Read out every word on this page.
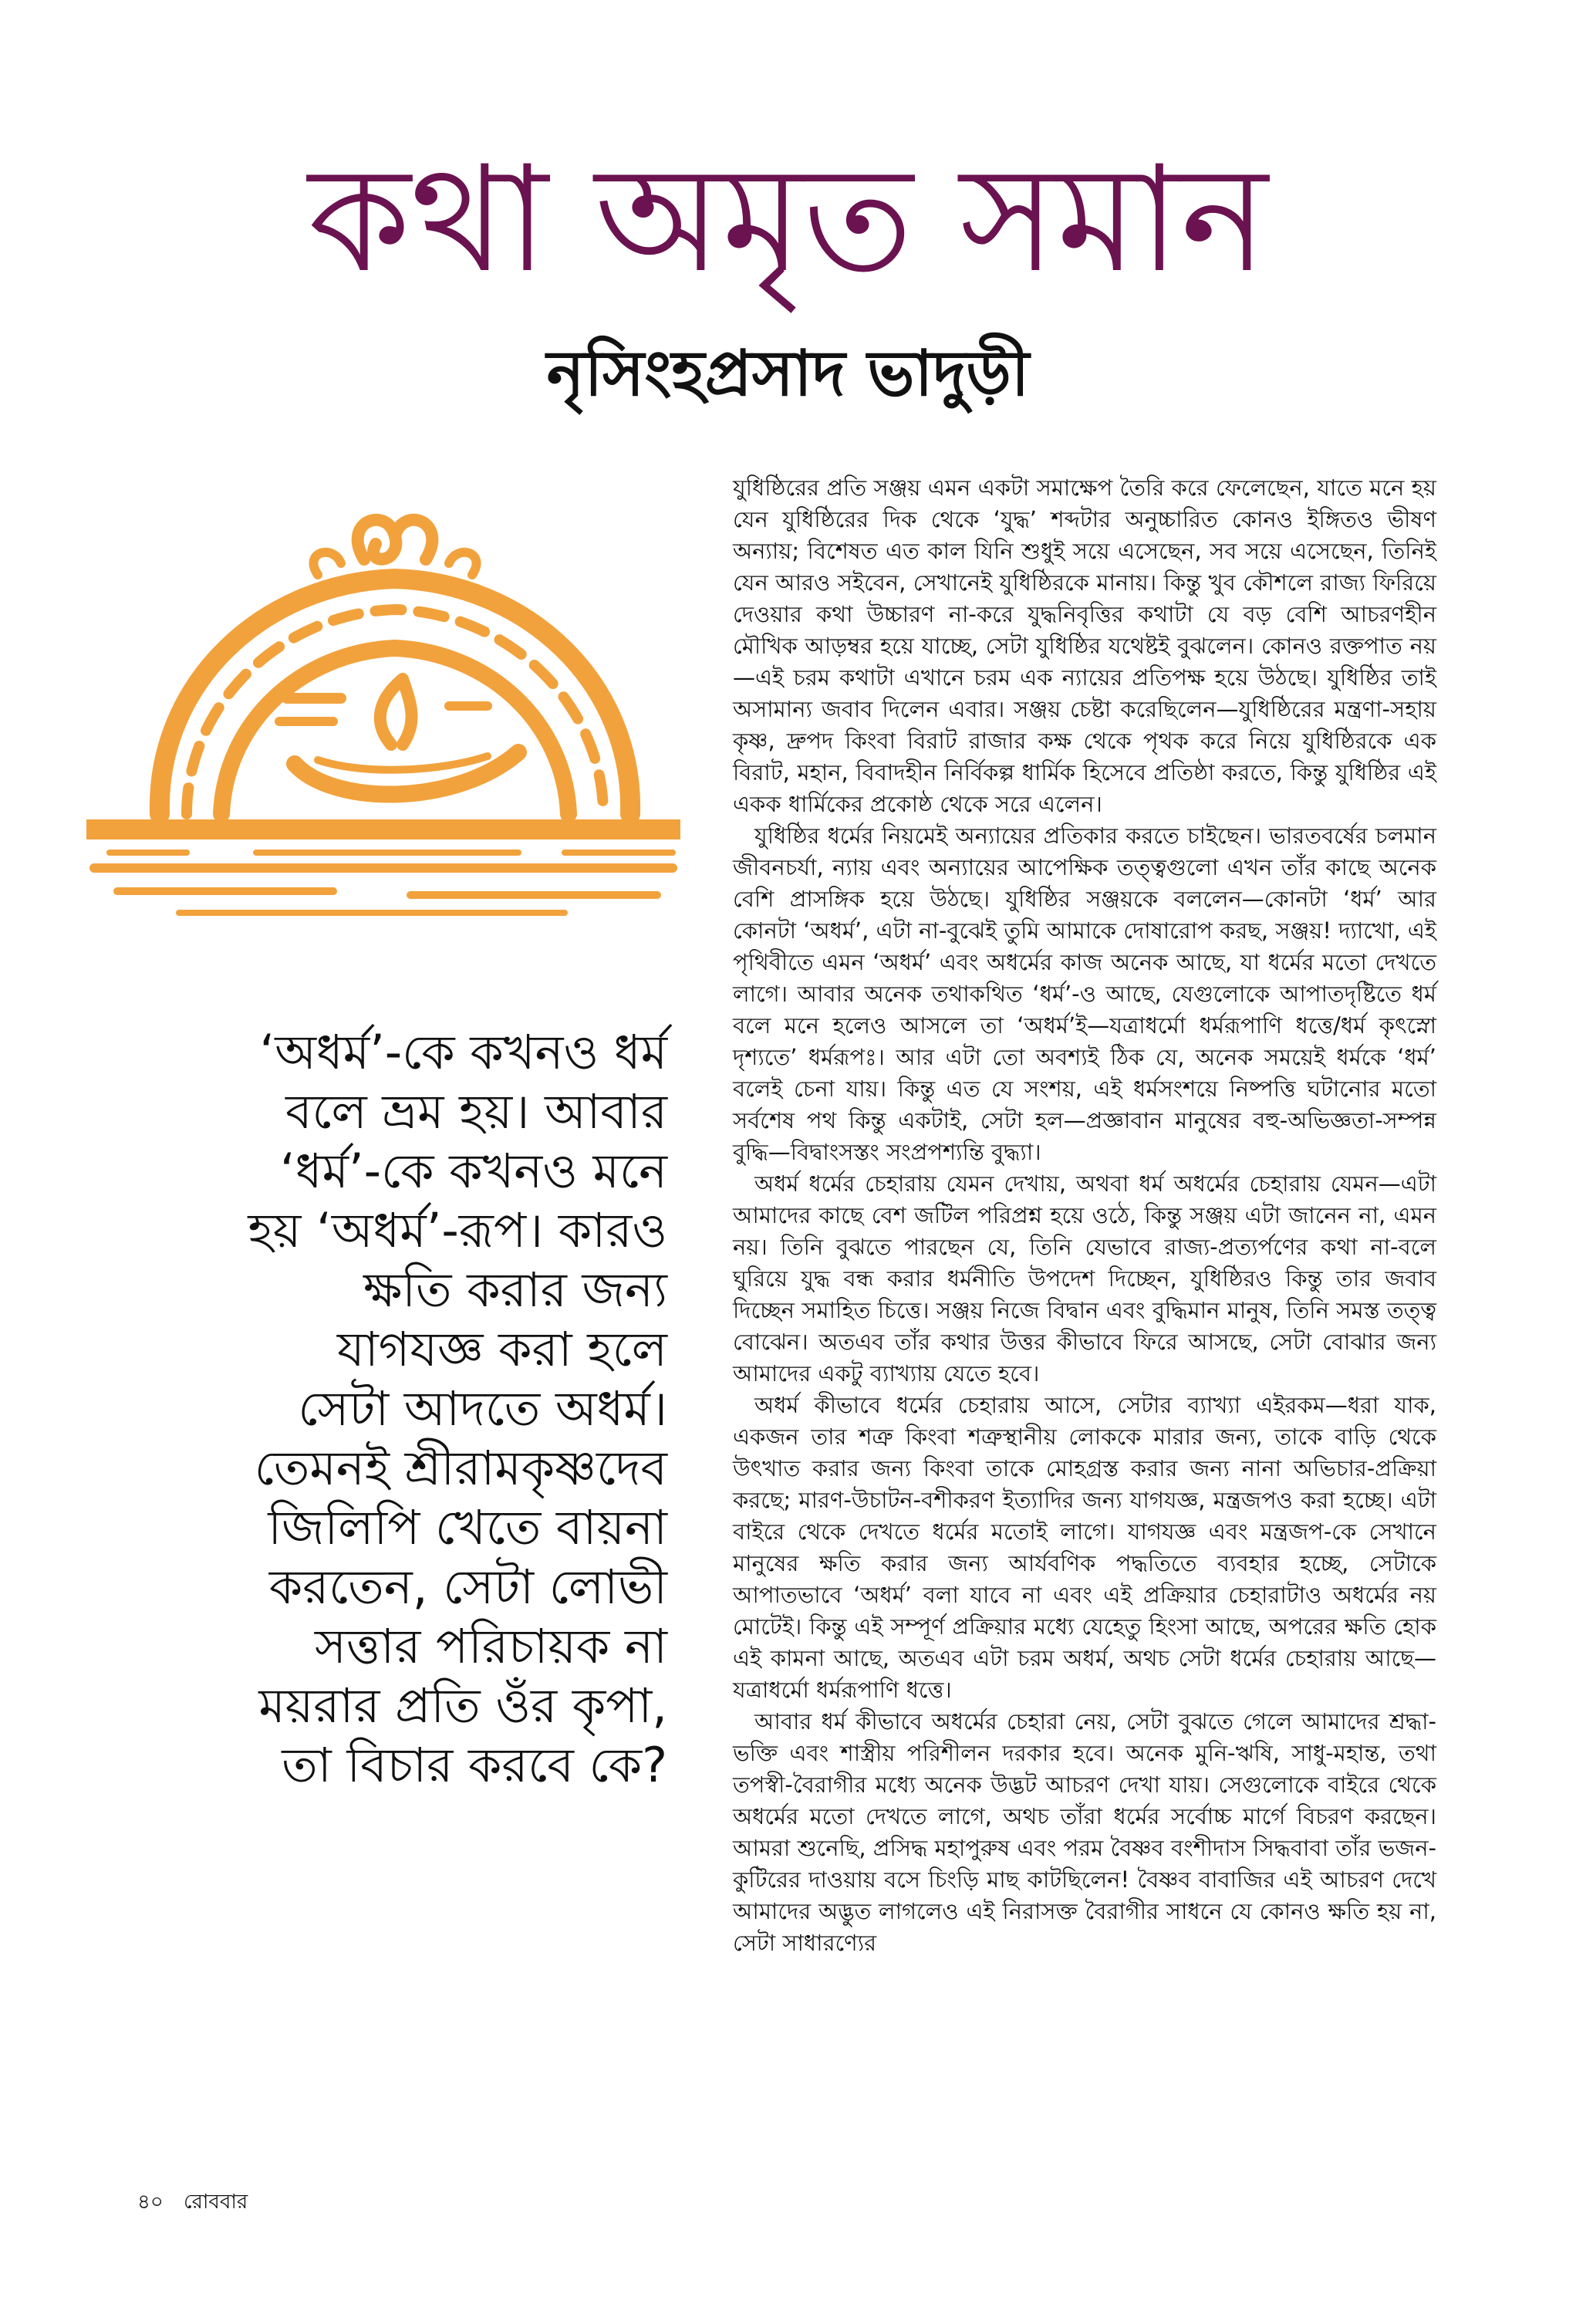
কথা অমৃত সমান
নৃসিংহপ্রসাদ ভাদুড়ী
‘অধর্ম’-কে কখনও ধর্ম
বলে ভ্রম হয়। আবার
‘ধর্ম’-কে কখনও মনে
হয় ‘অধর্ম’-রূপ। কারও
ক্ষতি করার জন্য
যাগযজ্ঞ করা হলে
সেটা আদতে অধর্ম।
তেমনই শ্রীরামকৃষ্ণদেব
জিলিপি খেতে বায়না
করতেন, সেটা লোভী
সত্তার পরিচায়ক না
ময়রার প্রতি ওঁর কৃপা,
তা বিচার করবে কে?

যুধিষ্ঠিরের প্রতি সঞ্জয় এমন একটা সমাক্ষেপ তৈরি করে ফেলেছেন, যাতে মনে হয় যেন যুধিষ্ঠিরের দিক থেকে ‘যুদ্ধ’ শব্দটার অনুচ্চারিত কোনও ইঙ্গিতও ভীষণ অন্যায়; বিশেষত এত কাল যিনি শুধুই সয়ে এসেছেন, সব সয়ে এসেছেন, তিনিই যেন আরও সইবেন, সেখানেই যুধিষ্ঠিরকে মানায়। কিন্তু খুব কৌশলে রাজ্য ফিরিয়ে দেওয়ার কথা উচ্চারণ না-করে যুদ্ধনিবৃত্তির কথাটা যে বড় বেশি আচরণহীন মৌখিক আড়ম্বর হয়ে যাচ্ছে, সেটা যুধিষ্ঠির যথেষ্টই বুঝলেন। কোনও রক্তপাত নয়—এই চরম কথাটা এখানে চরম এক ন্যায়ের প্রতিপক্ষ হয়ে উঠছে। যুধিষ্ঠির তাই অসামান্য জবাব দিলেন এবার। সঞ্জয় চেষ্টা করেছিলেন—যুধিষ্ঠিরের মন্ত্রণা-সহায় কৃষ্ণ, দ্রুপদ কিংবা বিরাট রাজার কক্ষ থেকে পৃথক করে নিয়ে যুধিষ্ঠিরকে এক বিরাট, মহান, বিবাদহীন নির্বিকল্প ধার্মিক হিসেবে প্রতিষ্ঠা করতে, কিন্তু যুধিষ্ঠির এই একক ধার্মিকের প্রকোষ্ঠ থেকে সরে এলেন।

যুধিষ্ঠির ধর্মের নিয়মেই অন্যায়ের প্রতিকার করতে চাইছেন। ভারতবর্ষের চলমান জীবনচর্যা, ন্যায় এবং অন্যায়ের আপেক্ষিক তত্ত্বগুলো এখন তাঁর কাছে অনেক বেশি প্রাসঙ্গিক হয়ে উঠছে। যুধিষ্ঠির সঞ্জয়কে বললেন—কোনটা ‘ধর্ম’ আর কোনটা ‘অধর্ম’, এটা না-বুঝেই তুমি আমাকে দোষারোপ করছ, সঞ্জয়! দ্যাখো, এই পৃথিবীতে এমন ‘অধর্ম’ এবং অধর্মের কাজ অনেক আছে, যা ধর্মের মতো দেখতে লাগে। আবার অনেক তথাকথিত ‘ধর্ম’-ও আছে, যেগুলোকে আপাতদৃষ্টিতে ধর্ম বলে মনে হলেও আসলে তা ‘অধর্ম’ই—যত্রাধর্মো ধর্মরূপাণি ধত্তে/ধর্ম কৃৎস্নো দৃশ্যতে’ ধর্মরূপঃ। আর এটা তো অবশ্যই ঠিক যে, অনেক সময়েই ধর্মকে ‘ধর্ম’ বলেই চেনা যায়। কিন্তু এত যে সংশয়, এই ধর্মসংশয়ে নিষ্পত্তি ঘটানোর মতো সর্বশেষ পথ কিন্তু একটাই, সেটা হল—প্রজ্ঞাবান মানুষের বহু-অভিজ্ঞতা-সম্পন্ন বুদ্ধি—বিদ্বাংসস্তং সংপ্রপশ্যন্তি বুদ্ধ্যা।

অধর্ম ধর্মের চেহারায় যেমন দেখায়, অথবা ধর্ম অধর্মের চেহারায় যেমন—এটা আমাদের কাছে বেশ জটিল পরিপ্রশ্ন হয়ে ওঠে, কিন্তু সঞ্জয় এটা জানেন না, এমন নয়। তিনি বুঝতে পারছেন যে, তিনি যেভাবে রাজ্য-প্রত্যর্পণের কথা না-বলে ঘুরিয়ে যুদ্ধ বন্ধ করার ধর্মনীতি উপদেশ দিচ্ছেন, যুধিষ্ঠিরও কিন্তু তার জবাব দিচ্ছেন সমাহিত চিত্তে। সঞ্জয় নিজে বিদ্বান এবং বুদ্ধিমান মানুষ, তিনি সমস্ত তত্ত্ব বোঝেন। অতএব তাঁর কথার উত্তর কীভাবে ফিরে আসছে, সেটা বোঝার জন্য আমাদের একটু ব্যাখ্যায় যেতে হবে।

অধর্ম কীভাবে ধর্মের চেহারায় আসে, সেটার ব্যাখ্যা এইরকম—ধরা যাক, একজন তার শত্রু কিংবা শত্রুস্থানীয় লোককে মারার জন্য, তাকে বাড়ি থেকে উৎখাত করার জন্য কিংবা তাকে মোহগ্রস্ত করার জন্য নানা অভিচার-প্রক্রিয়া করছে; মারণ-উচাটন-বশীকরণ ইত্যাদির জন্য যাগযজ্ঞ, মন্ত্রজপও করা হচ্ছে। এটা বাইরে থেকে দেখতে ধর্মের মতোই লাগে। যাগযজ্ঞ এবং মন্ত্রজপ-কে সেখানে মানুষের ক্ষতি করার জন্য আর্যবণিক পদ্ধতিতে ব্যবহার হচ্ছে, সেটাকে আপাতভাবে ‘অধর্ম’ বলা যাবে না এবং এই প্রক্রিয়ার চেহারাটাও অধর্মের নয় মোটেই। কিন্তু এই সম্পূর্ণ প্রক্রিয়ার মধ্যে যেহেতু হিংসা আছে, অপরের ক্ষতি হোক এই কামনা আছে, অতএব এটা চরম অধর্ম, অথচ সেটা ধর্মের চেহারায় আছে—যত্রাধর্মো ধর্মরূপাণি ধত্তে।

আবার ধর্ম কীভাবে অধর্মের চেহারা নেয়, সেটা বুঝতে গেলে আমাদের শ্রদ্ধা-ভক্তি এবং শাস্ত্রীয় পরিশীলন দরকার হবে। অনেক মুনি-ঋষি, সাধু-মহান্ত, তথা তপস্বী-বৈরাগীর মধ্যে অনেক উদ্ভট আচরণ দেখা যায়। সেগুলোকে বাইরে থেকে অধর্মের মতো দেখতে লাগে, অথচ তাঁরা ধর্মের সর্বোচ্চ মার্গে বিচরণ করছেন। আমরা শুনেছি, প্রসিদ্ধ মহাপুরুষ এবং পরম বৈষ্ণব বংশীদাস সিদ্ধবাবা তাঁর ভজন-কুটিরের দাওয়ায় বসে চিংড়ি মাছ কাটছিলেন! বৈষ্ণব বাবাজির এই আচরণ দেখে আমাদের অদ্ভুত লাগলেও এই নিরাসক্ত বৈরাগীর সাধনে যে কোনও ক্ষতি হয় না, সেটা সাধারণ্যের

৪০ রোববার
